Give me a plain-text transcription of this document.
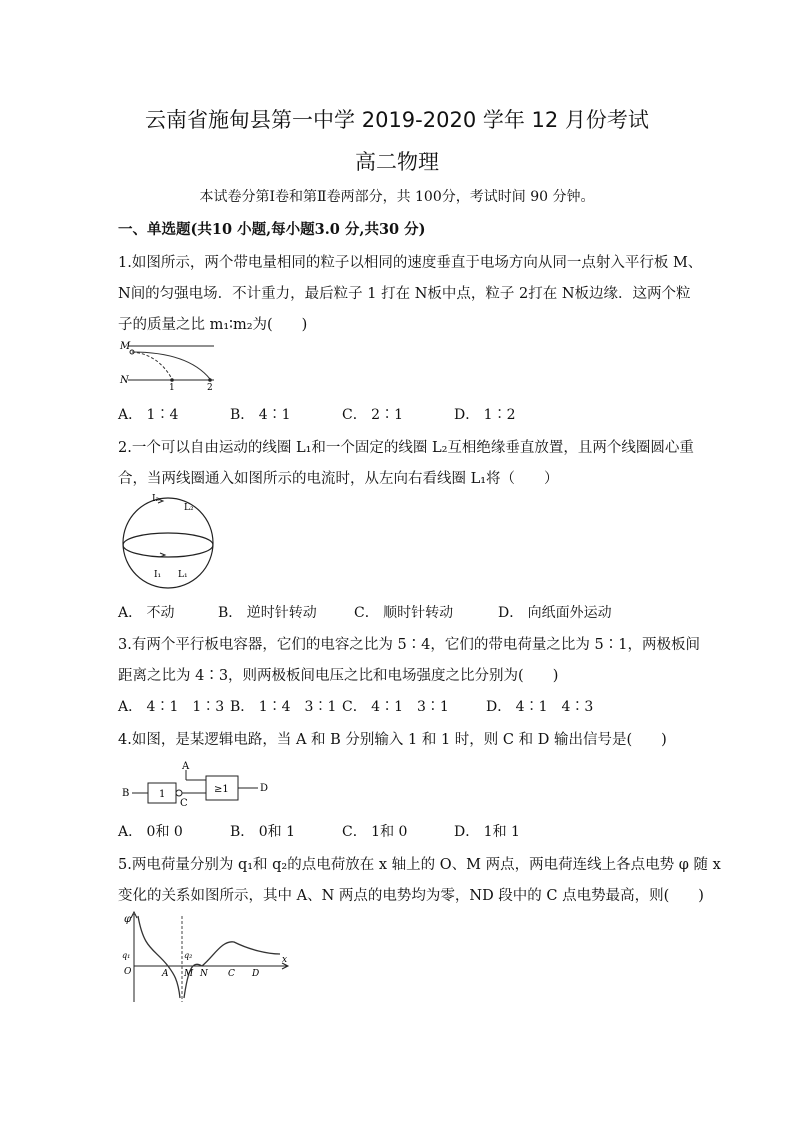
云南省施甸县第一中学 2019-2020 学年 12 月份考试
高二物理
本试卷分第Ⅰ卷和第Ⅱ卷两部分，共 100分，考试时间 90 分钟。
一、单选题(共10 小题,每小题3.0 分,共30 分)
1.如图所示，两个带电量相同的粒子以相同的速度垂直于电场方向从同一点射入平行板 M、
N间的匀强电场．不计重力，最后粒子 1 打在 N板中点，粒子 2打在 N板边缘．这两个粒
子的质量之比 m₁∶m₂为(　　)
M
N
1	2
A． 1∶4	B． 4∶1	C． 2∶1	D． 1∶2
2.一个可以自由运动的线圈 L₁和一个固定的线圈 L₂互相绝缘垂直放置，且两个线圈圆心重
合，当两线圈通入如图所示的电流时，从左向右看线圈 L₁将（　　）
I₂
L₂
I₁ L₁
A． 不动	B． 逆时针转动	C． 顺时针转动	D． 向纸面外运动
3.有两个平行板电容器，它们的电容之比为 5∶4，它们的带电荷量之比为 5∶1，两极板间
距离之比为 4∶3，则两极板间电压之比和电场强度之比分别为(　　)
A． 4∶1　1∶3 B． 1∶4　3∶1 C． 4∶1　3∶1	D． 4∶1　4∶3
4.如图，是某逻辑电路，当 A 和 B 分别输入 1 和 1 时，则 C 和 D 输出信号是(　　)
A
B	1
C
≥1	D
A． 0和 0	B． 0和 1	C． 1和 0	D． 1和 1
5.两电荷量分别为 q₁和 q₂的点电荷放在 x 轴上的 O、M 两点，两电荷连线上各点电势 φ 随 x
变化的关系如图所示，其中 A、N 两点的电势均为零，ND 段中的 C 点电势最高，则(　　)
φ
q₁	q₂
O	A M N C D
x
